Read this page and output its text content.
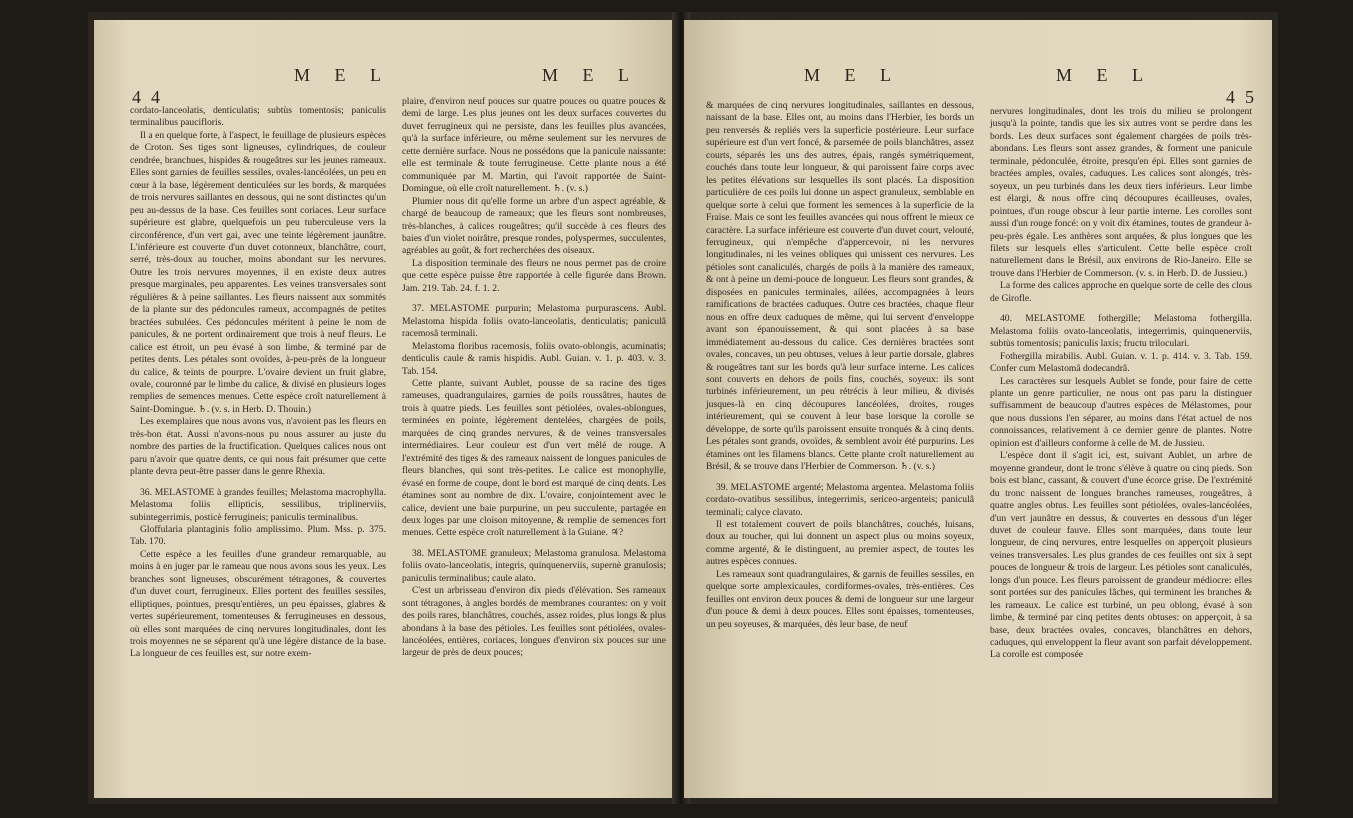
44
M E L	M E L

cordato-lanceolatis, denticulatis; subtùs tomentosis; paniculis terminalibus paucifloris.

Il a en quelque forte, à l'aspect, le feuillage de plusieurs espèces de Croton. Ses tiges sont ligneuses, cylindriques, de couleur cendrée, branchues, hispides & rougeâtres sur les jeunes rameaux. Elles sont garnies de feuilles sessiles, ovales-lancéolées, un peu en cœur à la base, légèrement denticulées sur les bords, & marquées de trois nervures saillantes en dessous, qui ne sont distinctes qu'un peu au-dessus de la base. Ces feuilles sont coriaces. Leur surface supérieure est glabre, quelquefois un peu tuberculeuse vers la circonférence, d'un vert gai, avec une teinte légèrement jaunâtre. L'inférieure est couverte d'un duvet cotonneux, blanchâtre, court, serré, très-doux au toucher, moins abondant sur les nervures. Outre les trois nervures moyennes, il en existe deux autres presque marginales, peu apparentes. Les veines transversales sont régulières & à peine saillantes. Les fleurs naissent aux sommités de la plante sur des pédoncules rameux, accompagnés de petites bractées subulées. Ces pédoncules méritent à peine le nom de panicules, & ne portent ordinairement que trois à neuf fleurs. Le calice est étroit, un peu évasé à son limbe, & terminé par de petites dents. Les pétales sont ovoïdes, à-peu-près de la longueur du calice, & teints de pourpre. L'ovaire devient un fruit glabre, ovale, couronné par le limbe du calice, & divisé en plusieurs loges remplies de semences menues. Cette espèce croît naturellement à Saint-Domingue. ♄. (v. s. in Herb. D. Thouin.)

Les exemplaires que nous avons vus, n'avoient pas les fleurs en très-bon état. Aussi n'avons-nous pu nous assurer au juste du nombre des parties de la fructification. Quelques calices nous ont paru n'avoir que quatre dents, ce qui nous fait présumer que cette plante devra peut-être passer dans le genre Rhexia.

36. MELASTOME à grandes feuilles; Melastoma macrophylla. Melastoma foliis ellipticis, sessilibus, triplinerviis, subintegerrimis, posticè ferrugineis; paniculis terminalibus.

Gloffularia plantaginis folio amplissimo. Plum. Mss. p. 375. Tab. 170.

Cette espèce a les feuilles d'une grandeur remarquable, au moins à en juger par le rameau que nous avons sous les yeux. Les branches sont ligneuses, obscurément tétragones, & couvertes d'un duvet court, ferrugineux. Elles portent des feuilles sessiles, elliptiques, pointues, presqu'entières, un peu épaisses, glabres & vertes supérieurement, tomenteuses & ferrugineuses en dessous, où elles sont marquées de cinq nervures longitudinales, dont les trois moyennes ne se séparent qu'à une légère distance de la base. La longueur de ces feuilles est, sur notre exem-

plaire, d'environ neuf pouces sur quatre pouces ou quatre pouces & demi de large. Les plus jeunes ont les deux surfaces couvertes du duvet ferrugineux qui ne persiste, dans les feuilles plus avancées, qu'à la surface inférieure, ou même seulement sur les nervures de cette dernière surface. Nous ne possédons que la panicule naissante: elle est terminale & toute ferrugineuse. Cette plante nous a été communiquée par M. Martin, qui l'avoit rapportée de Saint-Domingue, où elle croît naturellement. ♄. (v. s.)

Plumier nous dit qu'elle forme un arbre d'un aspect agréable, & chargé de beaucoup de rameaux; que les fleurs sont nombreuses, très-blanches, à calices rougeâtres; qu'il succède à ces fleurs des baies d'un violet noirâtre, presque rondes, polyspermes, succulentes, agréables au goût, & fort recherchées des oiseaux.

La disposition terminale des fleurs ne nous permet pas de croire que cette espèce puisse être rapportée à celle figurée dans Brown. Jam. 219. Tab. 24. f. 1. 2.

37. MELASTOME purpurin; Melastoma purpurascens. Aubl. Melastoma hispida foliis ovato-lanceolatis, denticulatis; paniculâ racemosâ terminali.

Melastoma floribus racemosis, foliis ovato-oblongis, acuminatis; denticulis caule & ramis hispidis. Aubl. Guian. v. 1. p. 403. v. 3. Tab. 154.

Cette plante, suivant Aublet, pousse de sa racine des tiges rameuses, quadrangulaires, garnies de poils roussâtres, hautes de trois à quatre pieds. Les feuilles sont pétiolées, ovales-oblongues, terminées en pointe, légèrement dentelées, chargées de poils, marquées de cinq grandes nervures, & de veines transversales intermédiaires. Leur couleur est d'un vert mêlé de rouge. A l'extrémité des tiges & des rameaux naissent de longues panicules de fleurs blanches, qui sont très-petites. Le calice est monophylle, évasé en forme de coupe, dont le bord est marqué de cinq dents. Les étamines sont au nombre de dix. L'ovaire, conjointement avec le calice, devient une baie purpurine, un peu succulente, partagée en deux loges par une cloison mitoyenne, & remplie de semences fort menues. Cette espèce croît naturellement à la Guiane. ♃?

38. MELASTOME granuleux; Melastoma granulosa. Melastoma foliis ovato-lanceolatis, integris, quinquenerviis, supernè granulosis; paniculis terminalibus; caule alato.

C'est un arbrisseau d'environ dix pieds d'élévation. Ses rameaux sont tétragones, à angles bordés de membranes courantes: on y voit des poils rares, blanchâtres, couchés, assez roides, plus longs & plus abondans à la base des pétioles. Les feuilles sont pétiolées, ovales-lancéolées, entières, coriaces, longues d'environ six pouces sur une largeur de près de deux pouces;

M E L	M E L
45

& marquées de cinq nervures longitudinales, saillantes en dessous, naissant de la base. Elles ont, au moins dans l'Herbier, les bords un peu renversés & repliés vers la superficie postérieure. Leur surface supérieure est d'un vert foncé, & parsemée de poils blanchâtres, assez courts, séparés les uns des autres, épais, rangés symétriquement, couchés dans toute leur longueur, & qui paroissent faire corps avec les petites élévations sur lesquelles ils sont placés. La disposition particulière de ces poils lui donne un aspect granuleux, semblable en quelque sorte à celui que forment les semences à la superficie de la Fraise. Mais ce sont les feuilles avancées qui nous offrent le mieux ce caractère. La surface inférieure est couverte d'un duvet court, velouté, ferrugineux, qui n'empêche d'appercevoir, ni les nervures longitudinales, ni les veines obliques qui unissent ces nervures. Les pétioles sont canaliculés, chargés de poils à la manière des rameaux, & ont à peine un demi-pouce de longueur. Les fleurs sont grandes, & disposées en panicules terminales, ailées, accompagnées à leurs ramifications de bractées caduques. Outre ces bractées, chaque fleur nous en offre deux caduques de même, qui lui servent d'enveloppe avant son épanouissement, & qui sont placées à sa base immédiatement au-dessous du calice. Ces dernières bractées sont ovales, concaves, un peu obtuses, velues à leur partie dorsale, glabres & rougeâtres tant sur les bords qu'à leur surface interne. Les calices sont couverts en dehors de poils fins, couchés, soyeux: ils sont turbinés inférieurement, un peu rétrécis à leur milieu, & divisés jusques-là en cinq découpures lancéolées, droites, rouges intérieurement, qui se couvent à leur base lorsque la corolle se développe, de sorte qu'ils paroissent ensuite tronqués & à cinq dents. Les pétales sont grands, ovoïdes, & semblent avoir été purpurins. Les étamines ont les filamens blancs. Cette plante croît naturellement au Brésil, & se trouve dans l'Herbier de Commerson. ♄. (v. s.)

39. MELASTOME argenté; Melastoma argentea. Melastoma foliis cordato-ovatibus sessilibus, integerrimis, sericeo-argenteis; paniculâ terminali; calyce clavato.

Il est totalement couvert de poils blanchâtres, couchés, luisans, doux au toucher, qui lui donnent un aspect plus ou moins soyeux, comme argenté, & le distinguent, au premier aspect, de toutes les autres espèces connues.

Les rameaux sont quadrangulaires, & garnis de feuilles sessiles, en quelque sorte amplexicaules, cordiformes-ovales, très-entières. Ces feuilles ont environ deux pouces & demi de longueur sur une largeur d'un pouce & demi à deux pouces. Elles sont épaisses, tomenteuses, un peu soyeuses, & marquées, dès leur base, de neuf

nervures longitudinales, dont les trois du milieu se prolongent jusqu'à la pointe, tandis que les six autres vont se perdre dans les bords. Les deux surfaces sont également chargées de poils très-abondans. Les fleurs sont assez grandes, & forment une panicule terminale, pédonculée, étroite, presqu'en épi. Elles sont garnies de bractées amples, ovales, caduques. Les calices sont alongés, très-soyeux, un peu turbinés dans les deux tiers inférieurs. Leur limbe est élargi, & nous offre cinq découpures écailleuses, ovales, pointues, d'un rouge obscur à leur partie interne. Les corolles sont aussi d'un rouge foncé: on y voit dix étamines, toutes de grandeur à-peu-près égale. Les anthères sont arquées, & plus longues que les filets sur lesquels elles s'articulent. Cette belle espèce croît naturellement dans le Brésil, aux environs de Rio-Janeiro. Elle se trouve dans l'Herbier de Commerson. (v. s. in Herb. D. de Jussieu.)

La forme des calices approche en quelque sorte de celle des clous de Girofle.

40. MELASTOME fothergille; Melastoma fothergilla. Melastoma foliis ovato-lanceolatis, integerrimis, quinquenerviis, subtùs tomentosis; paniculis laxis; fructu triloculari.

Fothergilla mirabilis. Aubl. Guian. v. 1. p. 414. v. 3. Tab. 159. Confer cum Melastomâ dodecandrâ.

Les caractères sur lesquels Aublet se fonde, pour faire de cette plante un genre particulier, ne nous ont pas paru la distinguer suffisamment de beaucoup d'autres espèces de Mélastomes, pour que nous dussions l'en séparer, au moins dans l'état actuel de nos connoissances, relativement à ce dernier genre de plantes. Notre opinion est d'ailleurs conforme à celle de M. de Jussieu.

L'espèce dont il s'agit ici, est, suivant Aublet, un arbre de moyenne grandeur, dont le tronc s'élève à quatre ou cinq pieds. Son bois est blanc, cassant, & couvert d'une écorce grise. De l'extrémité du tronc naissent de longues branches rameuses, rougeâtres, à quatre angles obtus. Les feuilles sont pétiolées, ovales-lancéolées, d'un vert jaunâtre en dessus, & couvertes en dessous d'un léger duvet de couleur fauve. Elles sont marquées, dans toute leur longueur, de cinq nervures, entre lesquelles on apperçoit plusieurs veines transversales. Les plus grandes de ces feuilles ont six à sept pouces de longueur & trois de largeur. Les pétioles sont canaliculés, longs d'un pouce. Les fleurs paroissent de grandeur médiocre: elles sont portées sur des panicules lâches, qui terminent les branches & les rameaux. Le calice est turbiné, un peu oblong, évasé à son limbe, & terminé par cinq petites dents obtuses: on apperçoit, à sa base, deux bractées ovales, concaves, blanchâtres en dehors, caduques, qui enveloppent la fleur avant son parfait développement. La corolle est composée
